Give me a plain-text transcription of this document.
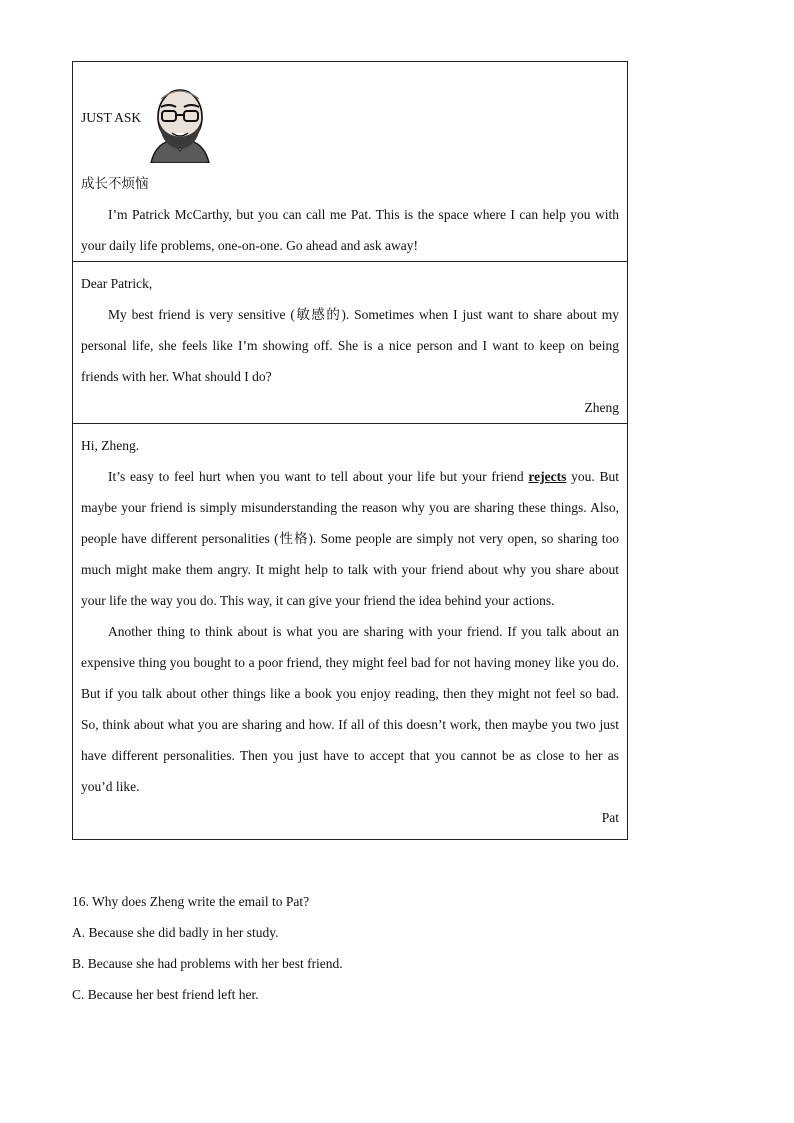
JUST ASK
成长不烦恼

I’m Patrick McCarthy, but you can call me Pat. This is the space where I can help you with your daily life problems, one-on-one. Go ahead and ask away!

Dear Patrick,

My best friend is very sensitive (敏感的). Sometimes when I just want to share about my personal life, she feels like I’m showing off. She is a nice person and I want to keep on being friends with her. What should I do?

Zheng
Hi, Zheng.

It’s easy to feel hurt when you want to tell about your life but your friend rejects you. But maybe your friend is simply misunderstanding the reason why you are sharing these things. Also, people have different personalities (性格). Some people are simply not very open, so sharing too much might make them angry. It might help to talk with your friend about why you share about your life the way you do. This way, it can give your friend the idea behind your actions.

Another thing to think about is what you are sharing with your friend. If you talk about an expensive thing you bought to a poor friend, they might feel bad for not having money like you do. But if you talk about other things like a book you enjoy reading, then they might not feel so bad. So, think about what you are sharing and how. If all of this doesn’t work, then maybe you two just have different personalities. Then you just have to accept that you cannot be as close to her as you’d like.

Pat
16. Why does Zheng write the email to Pat?
A. Because she did badly in her study.
B. Because she had problems with her best friend.
C. Because her best friend left her.
